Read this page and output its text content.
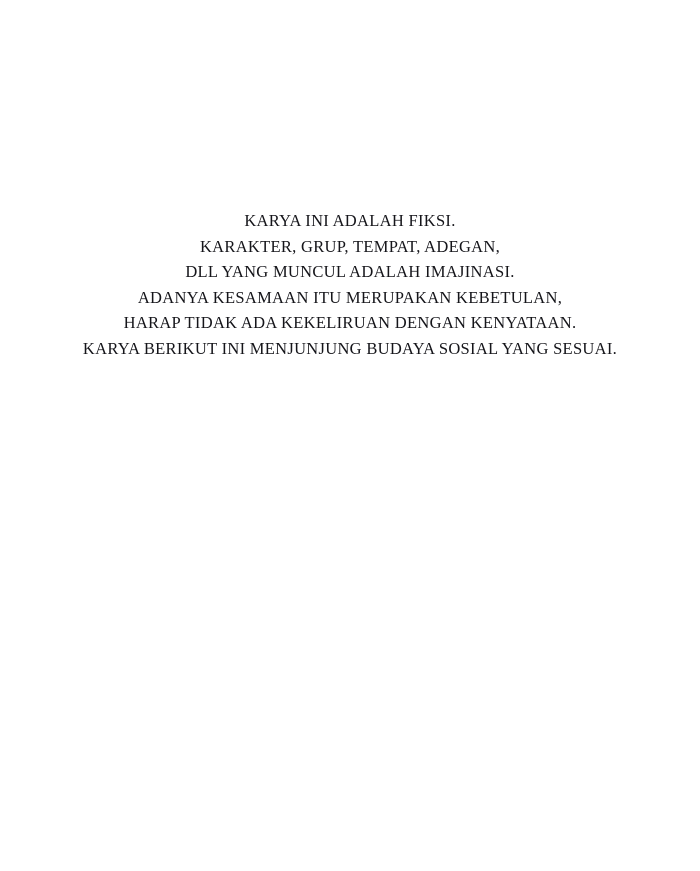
KARYA INI ADALAH FIKSI.
KARAKTER, GRUP, TEMPAT, ADEGAN,
DLL YANG MUNCUL ADALAH IMAJINASI.
ADANYA KESAMAAN ITU MERUPAKAN KEBETULAN,
HARAP TIDAK ADA KEKELIRUAN DENGAN KENYATAAN.
KARYA BERIKUT INI MENJUNJUNG BUDAYA SOSIAL YANG SESUAI.
